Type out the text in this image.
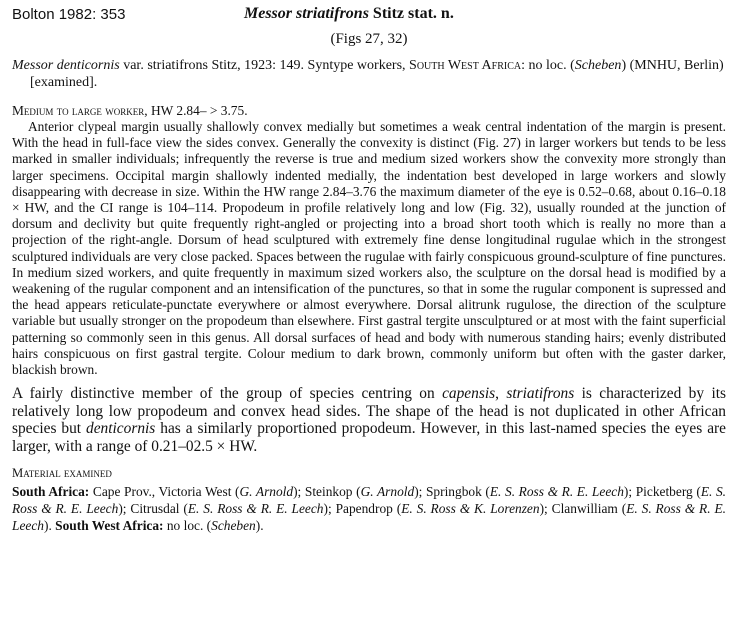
Bolton 1982: 353	Messor striatifrons Stitz stat. n.
(Figs 27, 32)
Messor denticornis var. striatifrons Stitz, 1923: 149. Syntype workers, South West Africa: no loc. (Scheben) (MNHU, Berlin) [examined].
Medium to large worker, HW 2.84– > 3.75.

Anterior clypeal margin usually shallowly convex medially but sometimes a weak central indentation of the margin is present. With the head in full-face view the sides convex. Generally the convexity is distinct (Fig. 27) in larger workers but tends to be less marked in smaller individuals; infrequently the reverse is true and medium sized workers show the convexity more strongly than larger specimens. Occipital margin shallowly indented medially, the indentation best developed in large workers and slowly disappearing with decrease in size. Within the HW range 2.84–3.76 the maximum diameter of the eye is 0.52–0.68, about 0.16–0.18 × HW, and the CI range is 104–114. Propodeum in profile relatively long and low (Fig. 32), usually rounded at the junction of dorsum and declivity but quite frequently right-angled or projecting into a broad short tooth which is really no more than a projection of the right-angle. Dorsum of head sculptured with extremely fine dense longitudinal rugulae which in the strongest sculptured individuals are very close packed. Spaces between the rugulae with fairly conspicuous ground-sculpture of fine punctures. In medium sized workers, and quite frequently in maximum sized workers also, the sculpture on the dorsal head is modified by a weakening of the rugular component and an intensification of the punctures, so that in some the rugular component is supressed and the head appears reticulate-punctate everywhere or almost everywhere. Dorsal alitrunk rugulose, the direction of the sculpture variable but usually stronger on the propodeum than elsewhere. First gastral tergite unsculptured or at most with the faint superficial patterning so commonly seen in this genus. All dorsal surfaces of head and body with numerous standing hairs; evenly distributed hairs conspicuous on first gastral tergite. Colour medium to dark brown, commonly uniform but often with the gaster darker, blackish brown.

A fairly distinctive member of the group of species centring on capensis, striatifrons is characterized by its relatively long low propodeum and convex head sides. The shape of the head is not duplicated in other African species but denticornis has a similarly proportioned propodeum. However, in this last-named species the eyes are larger, with a range of 0.21–02.5 × HW.
Material examined
South Africa: Cape Prov., Victoria West (G. Arnold); Steinkop (G. Arnold); Springbok (E. S. Ross & R. E. Leech); Picketberg (E. S. Ross & R. E. Leech); Citrusdal (E. S. Ross & R. E. Leech); Papendrop (E. S. Ross & K. Lorenzen); Clanwilliam (E. S. Ross & R. E. Leech). South West Africa: no loc. (Scheben).
